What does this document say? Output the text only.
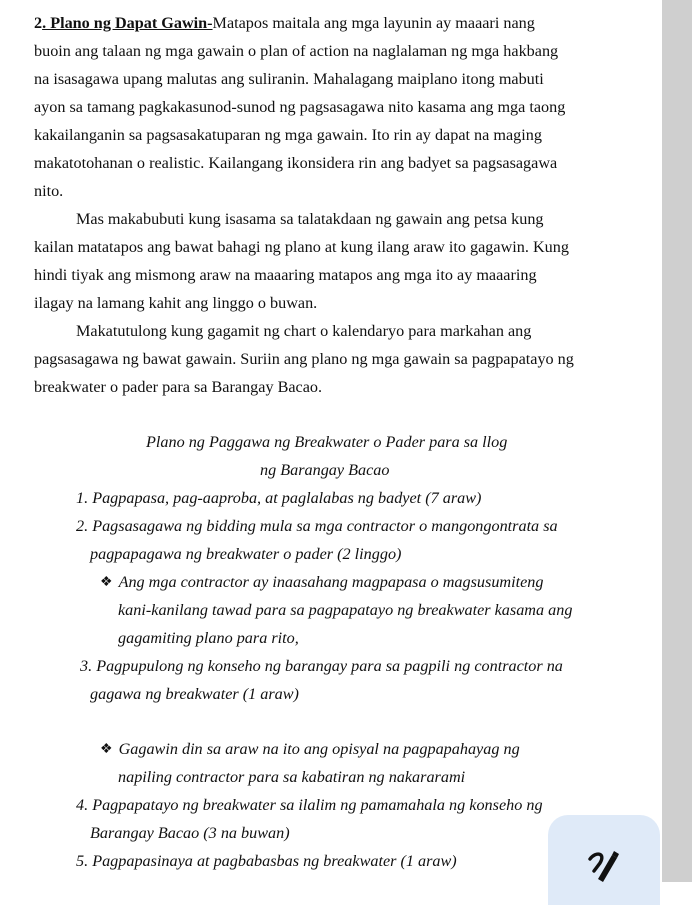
2. Plano ng Dapat Gawin-Matapos maitala ang mga layunin ay maaari nang

buoin ang talaan ng mga gawain o plan of action na naglalaman ng mga hakbang

na isasagawa upang malutas ang suliranin. Mahalagang maiplano itong mabuti

ayon sa tamang pagkakasunod-sunod ng pagsasagawa nito kasama ang mga taong

kakailanganin sa pagsasakatuparan ng mga gawain. Ito rin ay dapat na maging

makatotohanan o realistic. Kailangang ikonsidera rin ang badyet sa pagsasagawa

nito.

Mas makabubuti kung isasama sa talatakdaan ng gawain ang petsa kung

kailan matatapos ang bawat bahagi ng plano at kung ilang araw ito gagawin. Kung

hindi tiyak ang mismong araw na maaaring matapos ang mga ito ay maaaring

ilagay na lamang kahit ang linggo o buwan.

Makatutulong kung gagamit ng chart o kalendaryo para markahan ang

pagsasagawa ng bawat gawain. Suriin ang plano ng mga gawain sa pagpapatayo ng

breakwater o pader para sa Barangay Bacao.

Plano ng Paggawa ng Breakwater o Pader para sa llog

ng Barangay Bacao

1. Pagpapasa, pag-aaproba, at paglalabas ng badyet (7 araw)

2. Pagsasagawa ng bidding mula sa mga contractor o mangongontrata sa

pagpapagawa ng breakwater o pader (2 linggo)

❖ Ang mga contractor ay inaasahang magpapasa o magsusumiteng

kani-kanilang tawad para sa pagpapatayo ng breakwater kasama ang

gagamiting plano para rito,

3. Pagpupulong ng konseho ng barangay para sa pagpili ng contractor na

gagawa ng breakwater (1 araw)

❖ Gagawin din sa araw na ito ang opisyal na pagpapahayag ng

napiling contractor para sa kabatiran ng nakararami

4. Pagpapatayo ng breakwater sa ilalim ng pamamahala ng konseho ng

Barangay Bacao (3 na buwan)

5. Pagpapasinaya at pagbabasbas ng breakwater (1 araw)
